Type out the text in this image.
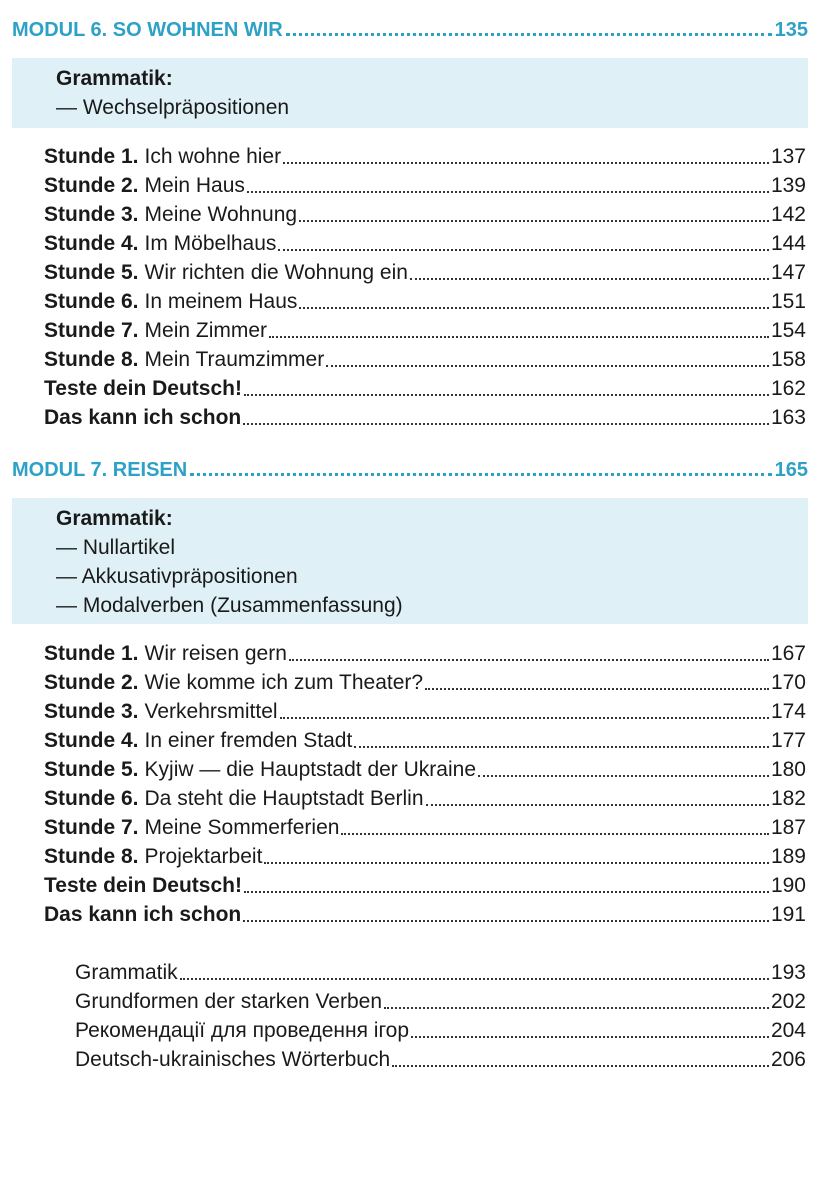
MODUL 6. SO WOHNEN WIR	135
Grammatik:
— Wechselpräpositionen
Stunde 1. Ich wohne hier	137
Stunde 2. Mein Haus	139
Stunde 3. Meine Wohnung	142
Stunde 4. Im Möbelhaus	144
Stunde 5. Wir richten die Wohnung ein	147
Stunde 6. In meinem Haus	151
Stunde 7. Mein Zimmer	154
Stunde 8. Mein Traumzimmer	158
Teste dein Deutsch!	162
Das kann ich schon	163
MODUL 7. REISEN	165
Grammatik:
— Nullartikel
— Akkusativpräpositionen
— Modalverben (Zusammenfassung)
Stunde 1. Wir reisen gern	167
Stunde 2. Wie komme ich zum Theater?	170
Stunde 3. Verkehrsmittel	174
Stunde 4. In einer fremden Stadt	177
Stunde 5. Kyjiw — die Hauptstadt der Ukraine	180
Stunde 6. Da steht die Hauptstadt Berlin	182
Stunde 7. Meine Sommerferien	187
Stunde 8. Projektarbeit	189
Teste dein Deutsch!	190
Das kann ich schon	191
Grammatik	193
Grundformen der starken Verben	202
Рекомендації для проведення ігор	204
Deutsch-ukrainisches Wörterbuch	206
